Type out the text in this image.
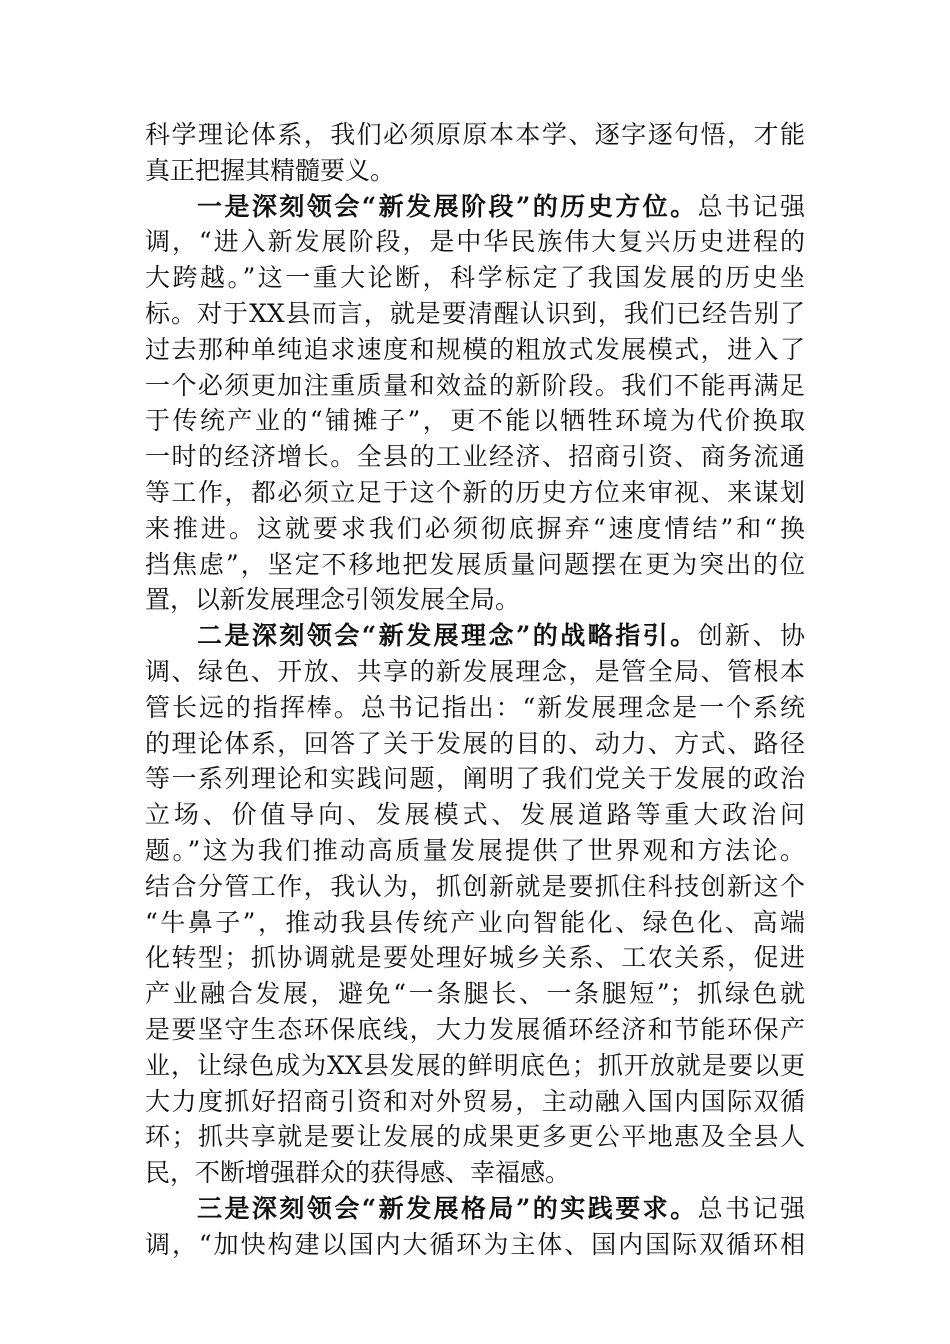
科学理论体系，我们必须原原本本学、逐字逐句悟，才能
真正把握其精髓要义。
一是深刻领会“新发展阶段”的历史方位。总书记强
调，“进入新发展阶段，是中华民族伟大复兴历史进程的
大跨越。”这一重大论断，科学标定了我国发展的历史坐
标。对于XX县而言，就是要清醒认识到，我们已经告别了
过去那种单纯追求速度和规模的粗放式发展模式，进入了
一个必须更加注重质量和效益的新阶段。我们不能再满足
于传统产业的“铺摊子”，更不能以牺牲环境为代价换取
一时的经济增长。全县的工业经济、招商引资、商务流通
等工作，都必须立足于这个新的历史方位来审视、来谋划
来推进。这就要求我们必须彻底摒弃“速度情结”和“换
挡焦虑”，坚定不移地把发展质量问题摆在更为突出的位
置，以新发展理念引领发展全局。
二是深刻领会“新发展理念”的战略指引。创新、协
调、绿色、开放、共享的新发展理念，是管全局、管根本
管长远的指挥棒。总书记指出：“新发展理念是一个系统
的理论体系，回答了关于发展的目的、动力、方式、路径
等一系列理论和实践问题，阐明了我们党关于发展的政治
立场、价值导向、发展模式、发展道路等重大政治问
题。”这为我们推动高质量发展提供了世界观和方法论。
结合分管工作，我认为，抓创新就是要抓住科技创新这个
“牛鼻子”，推动我县传统产业向智能化、绿色化、高端
化转型；抓协调就是要处理好城乡关系、工农关系，促进
产业融合发展，避免“一条腿长、一条腿短”；抓绿色就
是要坚守生态环保底线，大力发展循环经济和节能环保产
业，让绿色成为XX县发展的鲜明底色；抓开放就是要以更
大力度抓好招商引资和对外贸易，主动融入国内国际双循
环；抓共享就是要让发展的成果更多更公平地惠及全县人
民，不断增强群众的获得感、幸福感。
三是深刻领会“新发展格局”的实践要求。总书记强
调，“加快构建以国内大循环为主体、国内国际双循环相
